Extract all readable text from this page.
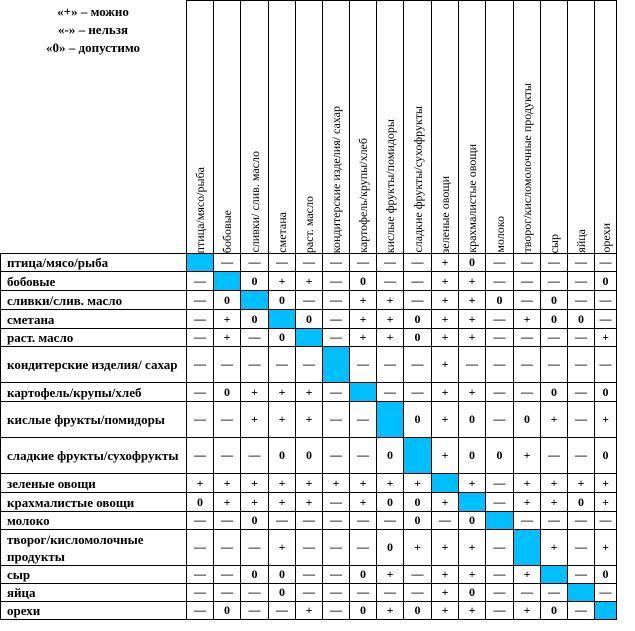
	птица/мясо/рыба	бобовые	сливки/ слив. масло	сметана	раст. масло	кондитерские изделия/ сахар	картофель/крупы/хлеб	кислые фрукты/помидоры	сладкие фрукты/сухофрукты	зеленые овощи	крахмалистые овощи	молоко	творог/кисломолочные продукты	сыр	яйца	орехи

птица/мясо/рыба		—	—	—	—	—	—	—	—	+	0	—	—	—	—	—

бобовые	—		0	+	+	—	0	—	—	+	+	—	—	—	—	0

сливки/слив. масло	—	0		0	—	—	+	+	—	+	+	0	—	0	—	—

сметана	—	+	0		0	—	+	+	0	+	+	—	+	0	0	—

раст. масло	—	+	—	0		—	+	+	0	+	+	—	—	—	—	+

кондитерские изделия/ сахар	—	—	—	—	—		—	—	—	+	—	—	—	—	—	—

картофель/крупы/хлеб	—	0	+	+	+	—		—	—	+	+	—	—	0	—	0

кислые фрукты/помидоры	—	—	+	+	+	—	—		0	+	0	—	0	+	—	+

сладкие фрукты/сухофрукты	—	—	—	0	0	—	—	0		+	0	0	+	—	—	0

зеленые овощи	+	+	+	+	+	+	+	+	+		+	—	+	+	+	+

крахмалистые овощи	0	+	+	+	+	—	+	0	0	+		—	+	+	0	+

молоко	—	—	0	—	—	—	—	—	0	—	0		—	—	—	—

творог/кисломолочные продукты	—	—	—	+	—	—	—	0	+	+	+	—		+	—	+

сыр	—	—	0	0	—	—	0	+	—	+	+	—	+		—	0

яйца	—	—	—	0	—	—	—	—	—	+	0	—	—	—		—

орехи	—	0	—	—	+	—	0	+	0	+	+	—	+	0	—	
«+» – можно
«-» – нельзя
«0» – допустимо
